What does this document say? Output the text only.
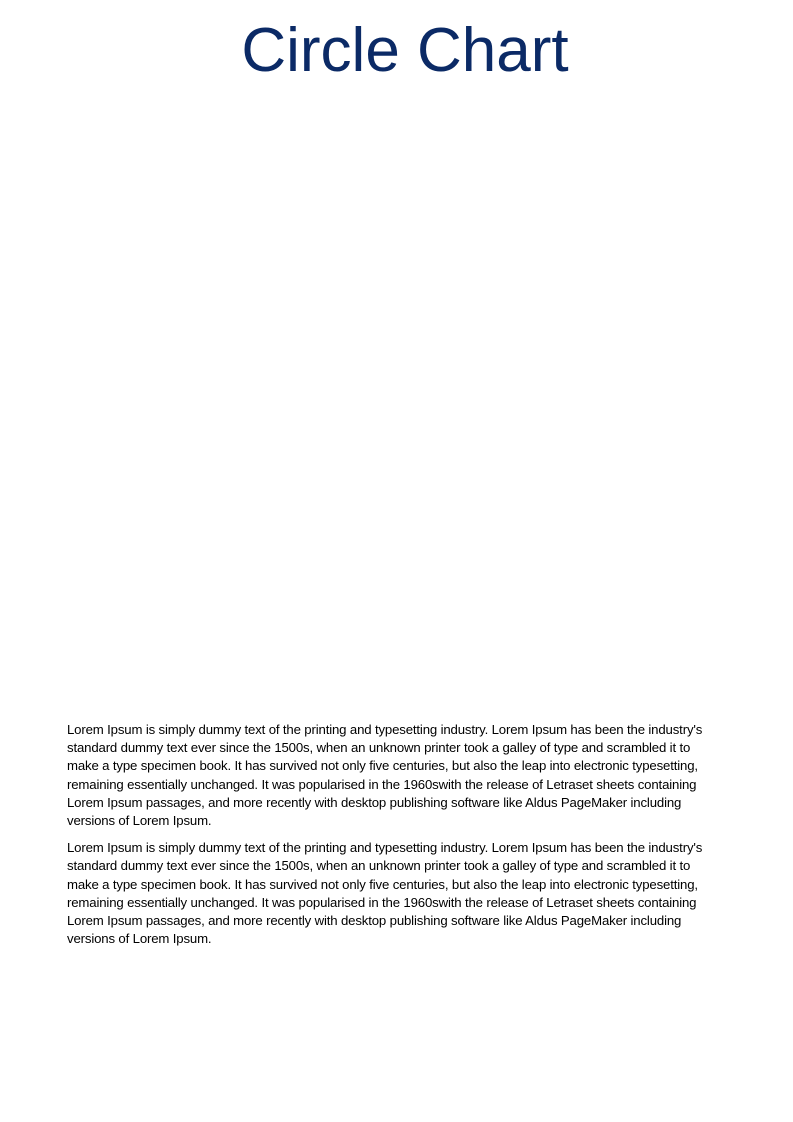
Circle Chart

Lorem Ipsum is simply dummy text of the printing and typesetting industry. Lorem Ipsum has been the industry's standard dummy text ever since the 1500s, when an unknown printer took a galley of type and scrambled it to make a type specimen book. It has survived not only five centuries, but also the leap into electronic typesetting, remaining essentially unchanged. It was popularised in the 1960swith the release of Letraset sheets containing Lorem Ipsum passages, and more recently with desktop publishing software like Aldus PageMaker including versions of Lorem Ipsum.

Lorem Ipsum is simply dummy text of the printing and typesetting industry. Lorem Ipsum has been the industry's standard dummy text ever since the 1500s, when an unknown printer took a galley of type and scrambled it to make a type specimen book. It has survived not only five centuries, but also the leap into electronic typesetting, remaining essentially unchanged. It was popularised in the 1960swith the release of Letraset sheets containing Lorem Ipsum passages, and more recently with desktop publishing software like Aldus PageMaker including versions of Lorem Ipsum.
